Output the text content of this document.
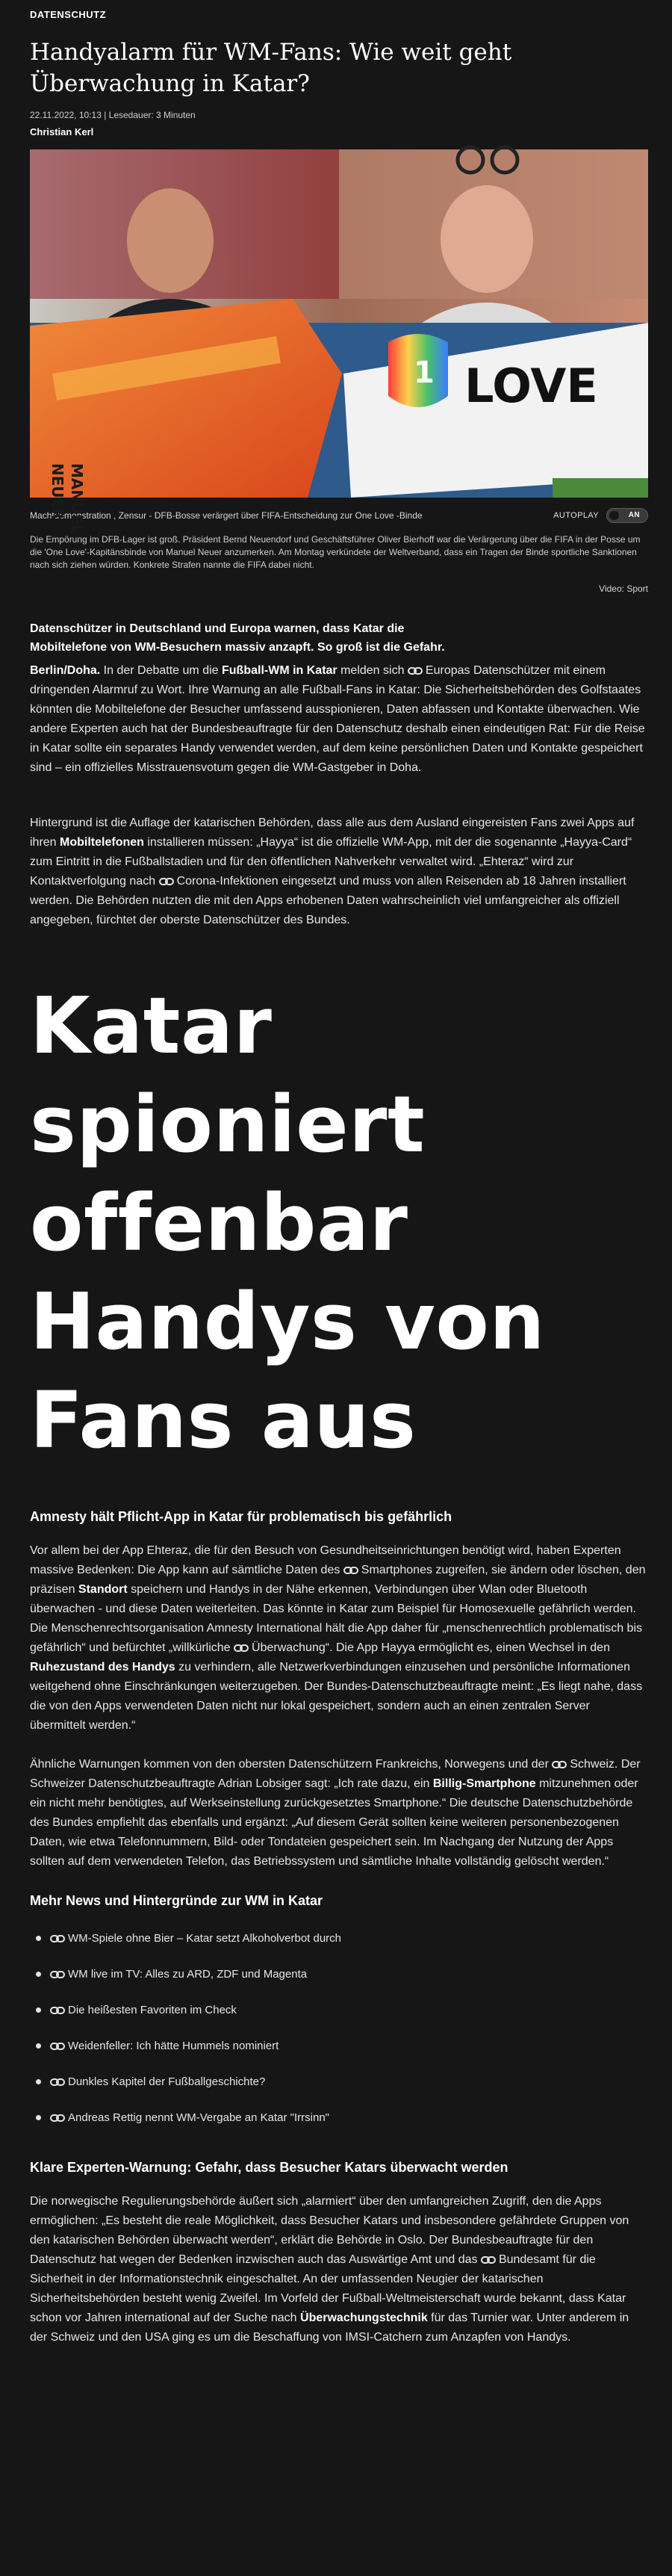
DATENSCHUTZ
Handyalarm für WM-Fans: Wie weit geht Überwachung in Katar?
22.11.2022, 10:13 | Lesedauer: 3 Minuten
Christian Kerl
MANUEL
NEUER
1 LOVE
Machtdemonstration , Zensur - DFB-Bosse verärgert über FIFA-Entscheidung zur One Love -Binde	AUTOPLAY	AN
Die Empörung im DFB-Lager ist groß. Präsident Bernd Neuendorf und Geschäftsführer Oliver Bierhoff war die Verärgerung über die FIFA in der Posse um die 'One Love'-Kapitänsbinde von Manuel Neuer anzumerken. Am Montag verkündete der Weltverband, dass ein Tragen der Binde sportliche Sanktionen nach sich ziehen würden. Konkrete Strafen nannte die FIFA dabei nicht.
Video: Sport
Datenschützer in Deutschland und Europa warnen, dass Katar die Mobiltelefone von WM-Besuchern massiv anzapft. So groß ist die Gefahr.

Berlin/Doha. In der Debatte um die Fußball-WM in Katar melden sich
Europas Datenschützer mit einem dringenden Alarmruf zu Wort. Ihre Warnung an alle Fußball-Fans in Katar: Die Sicherheitsbehörden des Golfstaates könnten die Mobiltelefone der Besucher umfassend ausspionieren, Daten abfassen und Kontakte überwachen. Wie andere Experten auch hat der Bundesbeauftragte für den Datenschutz deshalb einen eindeutigen Rat: Für die Reise in Katar sollte ein separates Handy verwendet werden, auf dem keine persönlichen Daten und Kontakte gespeichert sind – ein offizielles Misstrauensvotum gegen die WM-Gastgeber in Doha.

Hintergrund ist die Auflage der katarischen Behörden, dass alle aus dem Ausland eingereisten Fans zwei Apps auf ihren Mobiltelefonen installieren müssen: „Hayya“ ist die offizielle WM-App, mit der die sogenannte „Hayya-Card“ zum Eintritt in die Fußballstadien und für den öffentlichen Nahverkehr verwaltet wird. „Ehteraz“ wird zur Kontaktverfolgung nach
Corona-Infektionen eingesetzt und muss von allen Reisenden ab 18 Jahren installiert werden. Die Behörden nutzten die mit den Apps erhobenen Daten wahrscheinlich viel umfangreicher als offiziell angegeben, fürchtet der oberste Datenschützer des Bundes.

Katar spioniert offenbar Handys von Fans aus
Amnesty hält Pflicht-App in Katar für problematisch bis gefährlich

Vor allem bei der App Ehteraz, die für den Besuch von Gesundheitseinrichtungen benötigt wird, haben Experten massive Bedenken: Die App kann auf sämtliche Daten des
Smartphones zugreifen, sie ändern oder löschen, den präzisen Standort speichern und Handys in der Nähe erkennen, Verbindungen über Wlan oder Bluetooth überwachen - und diese Daten weiterleiten. Das könnte in Katar zum Beispiel für Homosexuelle gefährlich werden. Die Menschenrechtsorganisation Amnesty International hält die App daher für „menschenrechtlich problematisch bis gefährlich“ und befürchtet „willkürliche
Überwachung“. Die App Hayya ermöglicht es, einen Wechsel in den Ruhezustand des Handys zu verhindern, alle Netzwerkverbindungen einzusehen und persönliche Informationen weitgehend ohne Einschränkungen weiterzugeben. Der Bundes-Datenschutzbeauftragte meint: „Es liegt nahe, dass die von den Apps verwendeten Daten nicht nur lokal gespeichert, sondern auch an einen zentralen Server übermittelt werden.“

Ähnliche Warnungen kommen von den obersten Datenschützern Frankreichs, Norwegens und der
Schweiz. Der Schweizer Datenschutzbeauftragte Adrian Lobsiger sagt: „Ich rate dazu, ein Billig-Smartphone mitzunehmen oder ein nicht mehr benötigtes, auf Werkseinstellung zurückgesetztes Smartphone.“ Die deutsche Datenschutzbehörde des Bundes empfiehlt das ebenfalls und ergänzt: „Auf diesem Gerät sollten keine weiteren personenbezogenen Daten, wie etwa Telefonnummern, Bild- oder Tondateien gespeichert sein. Im Nachgang der Nutzung der Apps sollten auf dem verwendeten Telefon, das Betriebssystem und sämtliche Inhalte vollständig gelöscht werden.“

Mehr News und Hintergründe zur WM in Katar
WM-Spiele ohne Bier – Katar setzt Alkoholverbot durch
WM live im TV: Alles zu ARD, ZDF und Magenta
Die heißesten Favoriten im Check
Weidenfeller: Ich hätte Hummels nominiert
Dunkles Kapitel der Fußballgeschichte?
Andreas Rettig nennt WM-Vergabe an Katar "Irrsinn"
Klare Experten-Warnung: Gefahr, dass Besucher Katars überwacht werden

Die norwegische Regulierungsbehörde äußert sich „alarmiert“ über den umfangreichen Zugriff, den die Apps ermöglichen: „Es besteht die reale Möglichkeit, dass Besucher Katars und insbesondere gefährdete Gruppen von den katarischen Behörden überwacht werden“, erklärt die Behörde in Oslo. Der Bundesbeauftragte für den Datenschutz hat wegen der Bedenken inzwischen auch das Auswärtige Amt und das
Bundesamt für die Sicherheit in der Informationstechnik eingeschaltet. An der umfassenden Neugier der katarischen Sicherheitsbehörden besteht wenig Zweifel. Im Vorfeld der Fußball-Weltmeisterschaft wurde bekannt, dass Katar schon vor Jahren international auf der Suche nach Überwachungstechnik für das Turnier war. Unter anderem in der Schweiz und den USA ging es um die Beschaffung von IMSI-Catchern zum Anzapfen von Handys.
